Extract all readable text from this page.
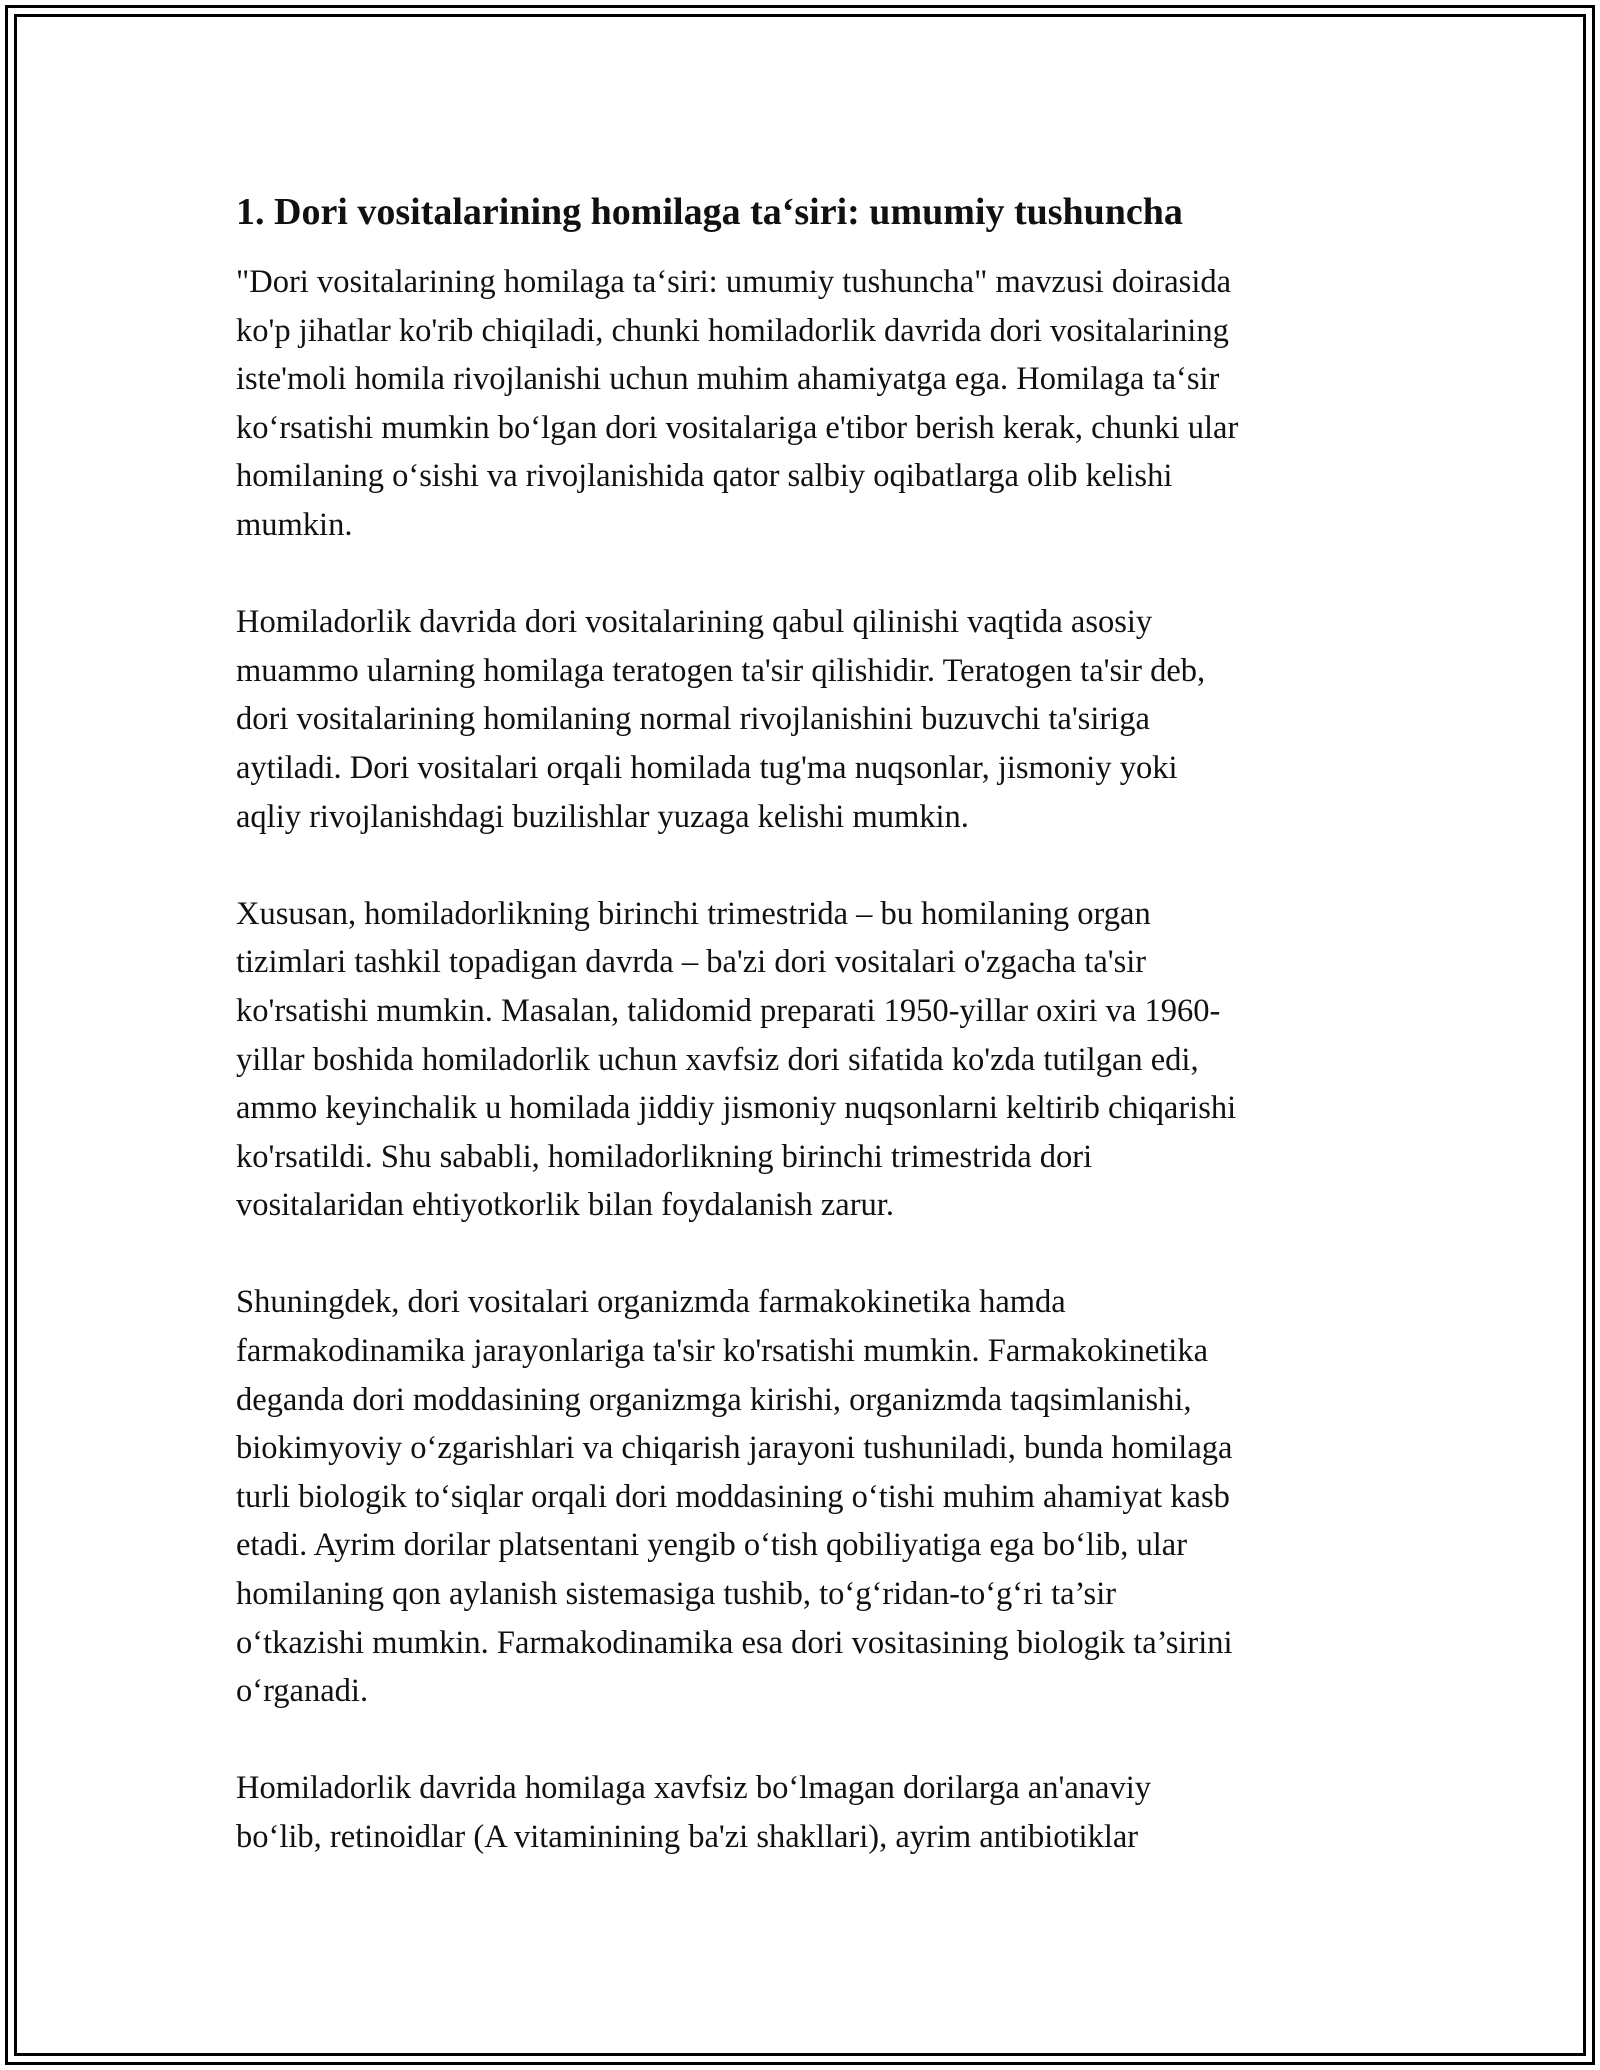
1. Dori vositalarining homilaga ta‘siri: umumiy tushuncha

"Dori vositalarining homilaga ta‘siri: umumiy tushuncha" mavzusi doirasida
ko'p jihatlar ko'rib chiqiladi, chunki homiladorlik davrida dori vositalarining
iste'moli homila rivojlanishi uchun muhim ahamiyatga ega. Homilaga ta‘sir
ko‘rsatishi mumkin bo‘lgan dori vositalariga e'tibor berish kerak, chunki ular
homilaning o‘sishi va rivojlanishida qator salbiy oqibatlarga olib kelishi
mumkin.

Homiladorlik davrida dori vositalarining qabul qilinishi vaqtida asosiy
muammo ularning homilaga teratogen ta'sir qilishidir. Teratogen ta'sir deb,
dori vositalarining homilaning normal rivojlanishini buzuvchi ta'siriga
aytiladi. Dori vositalari orqali homilada tug'ma nuqsonlar, jismoniy yoki
aqliy rivojlanishdagi buzilishlar yuzaga kelishi mumkin.

Xususan, homiladorlikning birinchi trimestrida – bu homilaning organ
tizimlari tashkil topadigan davrda – ba'zi dori vositalari o'zgacha ta'sir
ko'rsatishi mumkin. Masalan, talidomid preparati 1950-yillar oxiri va 1960-
yillar boshida homiladorlik uchun xavfsiz dori sifatida ko'zda tutilgan edi,
ammo keyinchalik u homilada jiddiy jismoniy nuqsonlarni keltirib chiqarishi
ko'rsatildi. Shu sababli, homiladorlikning birinchi trimestrida dori
vositalaridan ehtiyotkorlik bilan foydalanish zarur.

Shuningdek, dori vositalari organizmda farmakokinetika hamda
farmakodinamika jarayonlariga ta'sir ko'rsatishi mumkin. Farmakokinetika
deganda dori moddasining organizmga kirishi, organizmda taqsimlanishi,
biokimyoviy o‘zgarishlari va chiqarish jarayoni tushuniladi, bunda homilaga
turli biologik to‘siqlar orqali dori moddasining o‘tishi muhim ahamiyat kasb
etadi. Ayrim dorilar platsentani yengib o‘tish qobiliyatiga ega bo‘lib, ular
homilaning qon aylanish sistemasiga tushib, to‘g‘ridan-to‘g‘ri ta’sir
o‘tkazishi mumkin. Farmakodinamika esa dori vositasining biologik ta’sirini
o‘rganadi.

Homiladorlik davrida homilaga xavfsiz bo‘lmagan dorilarga an'anaviy
bo‘lib, retinoidlar (A vitaminining ba'zi shakllari), ayrim antibiotiklar
